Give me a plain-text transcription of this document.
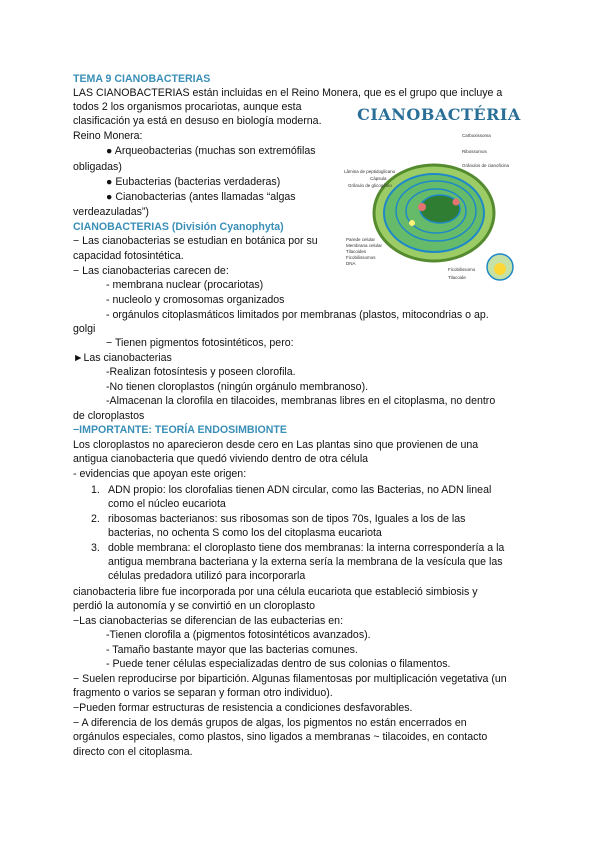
TEMA 9 CIANOBACTERIAS
LAS CIANOBACTERIAS están incluidas en el Reino Monera, que es el grupo que incluye a
todos 2 los organismos procariotas, aunque esta
clasificación ya está en desuso en biología moderna.
Reino Monera:
● Arqueobacterias (muchas son extremófilas
obligadas)
● Eubacterias (bacterias verdaderas)
● Cianobacterias (antes llamadas “algas
verdeazuladas”)
CIANOBACTERIAS (División Cyanophyta)
− Las cianobacterias se estudian en botánica por su
capacidad fotosintética.
− Las cianobacterias carecen de:
- membrana nuclear (procariotas)
- nucleolo y cromosomas organizados
- orgánulos citoplasmáticos limitados por membranas (plastos, mitocondrias o ap.
golgi
− Tienen pigmentos fotosintéticos, pero:
►Las cianobacterias
-Realizan fotosíntesis y poseen clorofila.
-No tienen cloroplastos (ningún orgánulo membranoso).
-Almacenan la clorofila en tilacoides, membranas libres en el citoplasma, no dentro
de cloroplastos
−IMPORTANTE: TEORÍA ENDOSIMBIONTE
Los cloroplastos no aparecieron desde cero en Las plantas sino que provienen de una
antigua cianobacteria que quedó viviendo dentro de otra célula
- evidencias que apoyan este origen:
1. ADN propio: los clorofalias tienen ADN circular, como las Bacterias, no ADN lineal
como el núcleo eucariota
2. ribosomas bacterianos: sus ribosomas son de tipos 70s, Iguales a los de las
bacterias, no ochenta S como los del citoplasma eucariota
3. doble membrana: el cloroplasto tiene dos membranas: la interna correspondería a la
antigua membrana bacteriana y la externa sería la membrana de la vesícula que las
células predadora utilizó para incorporarla
cianobacteria libre fue incorporada por una célula eucariota que estableció simbiosis y
perdió la autonomía y se convirtió en un cloroplasto
−Las cianobacterias se diferencian de las eubacterias en:
-Tienen clorofila a (pigmentos fotosintéticos avanzados).
- Tamaño bastante mayor que las bacterias comunes.
- Puede tener células especializadas dentro de sus colonias o filamentos.
− Suelen reproducirse por bipartición. Algunas filamentosas por multiplicación vegetativa (un
fragmento o varios se separan y forman otro individuo).
−Pueden formar estructuras de resistencia a condiciones desfavorables.
− A diferencia de los demás grupos de algas, los pigmentos no están encerrados en
orgánulos especiales, como plastos, sino ligados a membranas ~ tilacoides, en contacto
directo con el citoplasma.
CIANOBACTÉRIA
Carboxissoma
Ribossomos
Grânulos de cianoficina
Lâmina de peptidoglicano
Cápsula
Grânulo de glicogênio
Parede celular
Membrana celular
Tilacoides
Ficobilissomos
DNA
Ficobilissomo
Tilacoide
